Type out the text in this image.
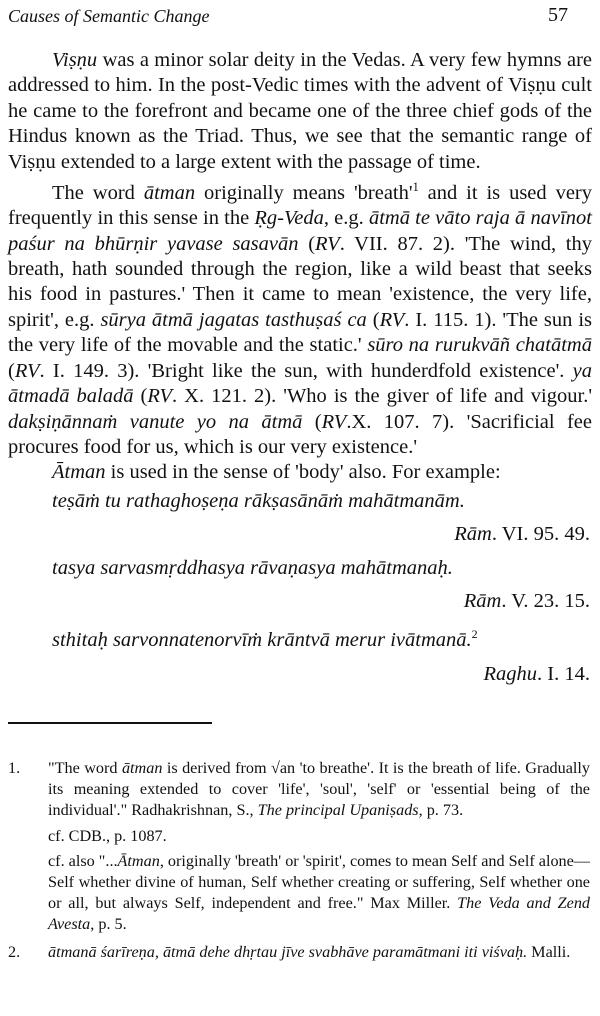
Causes of Semantic Change	57

Viṣṇu was a minor solar deity in the Vedas. A very few hymns are addressed to him. In the post-Vedic times with the advent of Viṣṇu cult he came to the forefront and became one of the three chief gods of the Hindus known as the Triad. Thus, we see that the semantic range of Viṣṇu extended to a large extent with the passage of time.

The word ātman originally means '$breath'^1$ and it is used very frequently in this sense in the Ṛg-Veda, e.g. ātmā te vāto raja ā navīnot paśur na bhūrṇir yavase sasavān (RV. VII. 87. 2). 'The wind, thy breath, hath sounded through the region, like a wild beast that seeks his food in pastures.' Then it came to mean 'existence, the very life, spirit', e.g. sūrya ātmā jagatas tasthuṣaś ca (RV. I. 115. 1). 'The sun is the very life of the movable and the static.' sūro na rurukvāñ chatātmā (RV. I. 149. 3). 'Bright like the sun, with hunderdfold existence'. ya ātmadā baladā (RV. X. 121. 2). 'Who is the giver of life and vigour.' dakṣiṇānnaṁ vanute yo na ātmā (RV.X. 107. 7). 'Sacrificial fee procures food for us, which is our very existence.'

Ātman is used in the sense of 'body' also. For example:

teṣāṁ tu rathaghoṣeṇa rākṣasānāṁ mahātmanām.

Rām. VI. 95. 49.

tasya sarvasmṛddhasya rāvaṇasya mahātmanaḥ.

Rām. V. 23. 15.

sthitaḥ sarvonnatenorvīṁ krāntvā merur ivātmanā.$^2$

Raghu. I. 14.

1. "The word ātman is derived from √an 'to breathe'. It is the breath of life. Gradually its meaning extended to cover 'life', 'soul', 'self' or 'essential being of the individual'." Radhakrishnan, S., The principal Upaniṣads, p. 73.

cf. CDB., p. 1087.

cf. also "...Ātman, originally 'breath' or 'spirit', comes to mean Self and Self alone—Self whether divine of human, Self whether creating or suffering, Self whether one or all, but always Self, independent and free." Max Miller. The Veda and Zend Avesta, p. 5.

2. ātmanā śarīreṇa, ātmā dehe dhṛtau jīve svabhāve paramātmani iti viśvaḥ. Malli.
